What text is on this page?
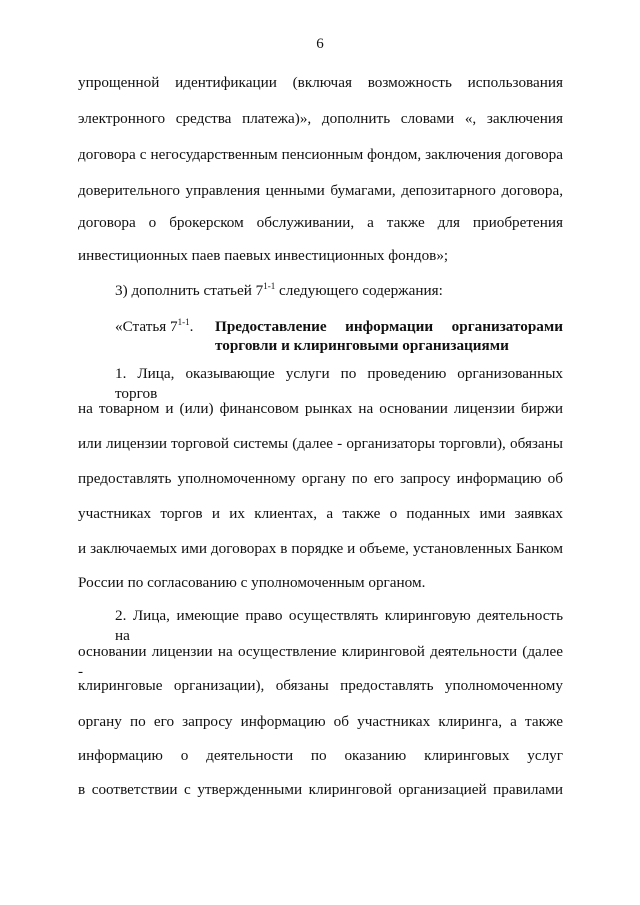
6
упрощенной идентификации (включая возможность использования
электронного средства платежа)», дополнить словами «, заключения
договора с негосударственным пенсионным фондом, заключения договора
доверительного управления ценными бумагами, депозитарного договора,
договора о брокерском обслуживании, а также для приобретения
инвестиционных паев паевых инвестиционных фондов»;
3) дополнить статьей 7$^{1-1}$ следующего содержания:
«Статья 7$^{1-1}$. Предоставление информации организаторами
торговли и клиринговыми организациями
1. Лица, оказывающие услуги по проведению организованных торгов
на товарном и (или) финансовом рынках на основании лицензии биржи
или лицензии торговой системы (далее - организаторы торговли), обязаны
предоставлять уполномоченному органу по его запросу информацию об
участниках торгов и их клиентах, а также о поданных ими заявках
и заключаемых ими договорах в порядке и объеме, установленных Банком
России по согласованию с уполномоченным органом.
2. Лица, имеющие право осуществлять клиринговую деятельность на
основании лицензии на осуществление клиринговой деятельности (далее -
клиринговые организации), обязаны предоставлять уполномоченному
органу по его запросу информацию об участниках клиринга, а также
информацию о деятельности по оказанию клиринговых услуг
в соответствии с утвержденными клиринговой организацией правилами
